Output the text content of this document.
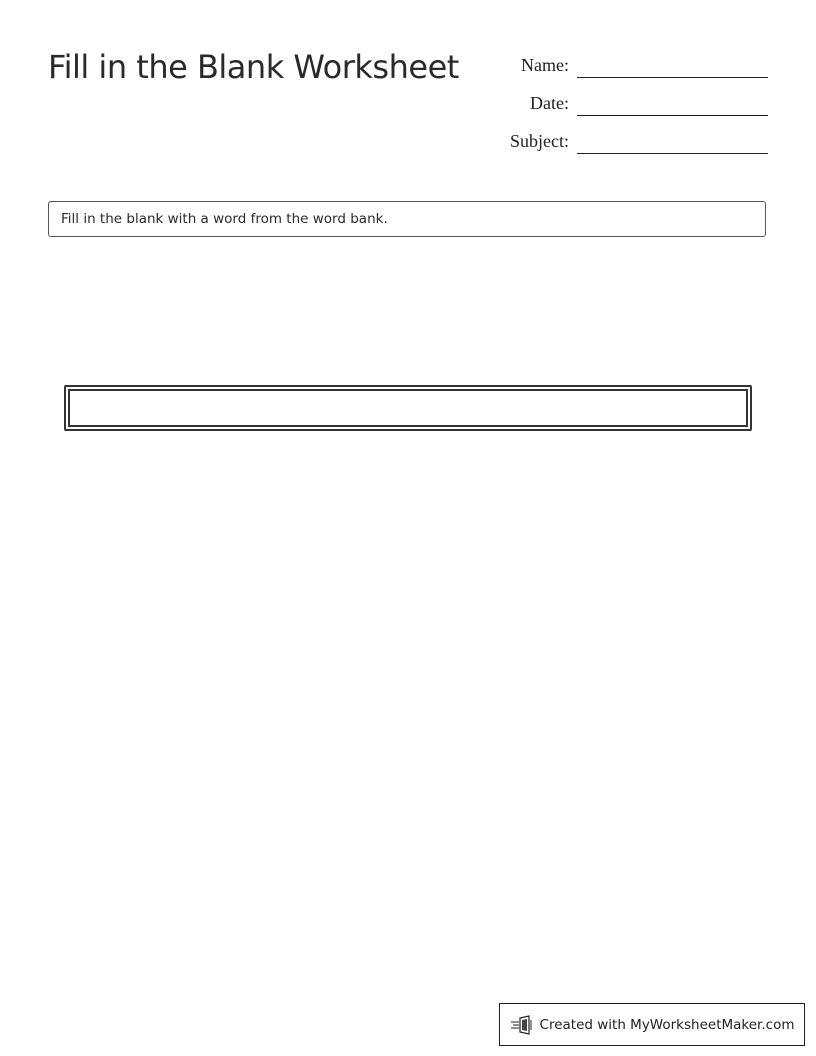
Fill in the Blank Worksheet	Name:
Date:
Subject:
Fill in the blank with a word from the word bank.
Created with MyWorksheetMaker.com
